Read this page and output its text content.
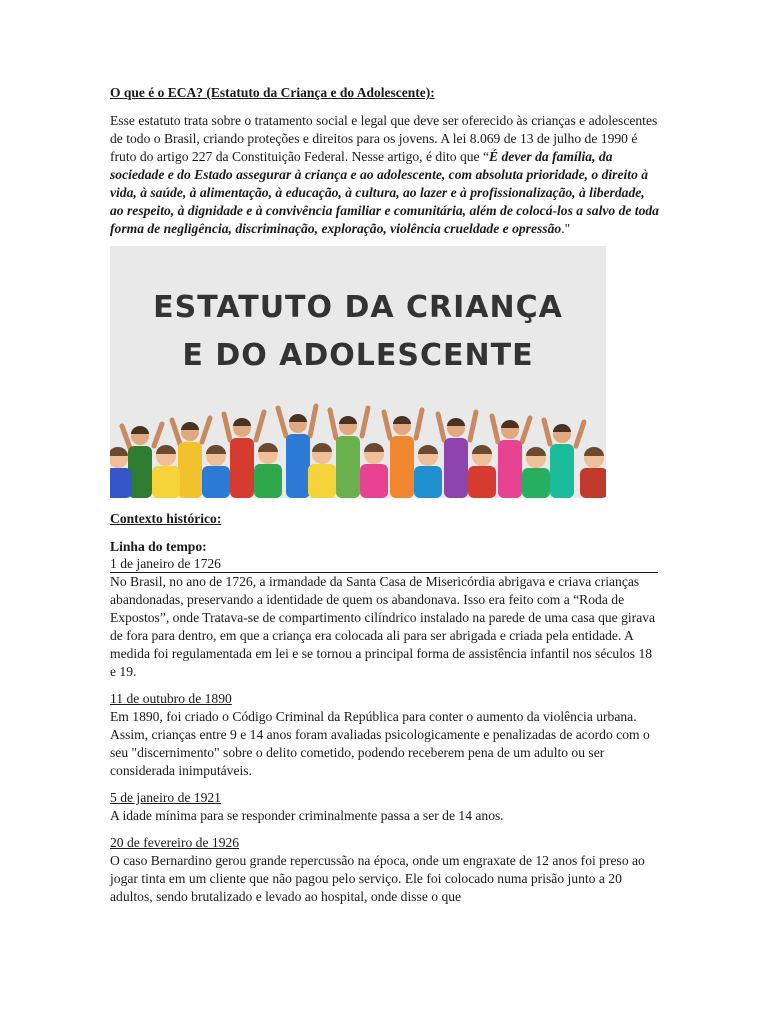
O que é o ECA? (Estatuto da Criança e do Adolescente):

Esse estatuto trata sobre o tratamento social e legal que deve ser oferecido às crianças e adolescentes de todo o Brasil, criando proteções e direitos para os jovens. A lei 8.069 de 13 de julho de 1990 é fruto do artigo 227 da Constituição Federal. Nesse artigo, é dito que “É dever da família, da sociedade e do Estado assegurar à criança e ao adolescente, com absoluta prioridade, o direito à vida, à saúde, à alimentação, à educação, à cultura, ao lazer e à profissionalização, à liberdade, ao respeito, à dignidade e à convivência familiar e comunitária, além de colocá-los a salvo de toda forma de negligência, discriminação, exploração, violência crueldade e opressão."

ESTATUTO DA CRIANÇA
E DO ADOLESCENTE

Contexto histórico:

Linha do tempo:

1 de janeiro de 1726

No Brasil, no ano de 1726, a irmandade da Santa Casa de Misericórdia abrigava e criava crianças abandonadas, preservando a identidade de quem os abandonava. Isso era feito com a “Roda de Expostos”, onde Tratava-se de compartimento cilíndrico instalado na parede de uma casa que girava de fora para dentro, em que a criança era colocada ali para ser abrigada e criada pela entidade. A medida foi regulamentada em lei e se tornou a principal forma de assistência infantil nos séculos 18 e 19.

11 de outubro de 1890

Em 1890, foi criado o Código Criminal da República para conter o aumento da violência urbana. Assim, crianças entre 9 e 14 anos foram avaliadas psicologicamente e penalizadas de acordo com o seu "discernimento" sobre o delito cometido, podendo receberem pena de um adulto ou ser considerada inimputáveis.

5 de janeiro de 1921

A idade mínima para se responder criminalmente passa a ser de 14 anos.

20 de fevereiro de 1926

O caso Bernardino gerou grande repercussão na época, onde um engraxate de 12 anos foi preso ao jogar tinta em um cliente que não pagou pelo serviço. Ele foi colocado numa prisão junto a 20 adultos, sendo brutalizado e levado ao hospital, onde disse o que
